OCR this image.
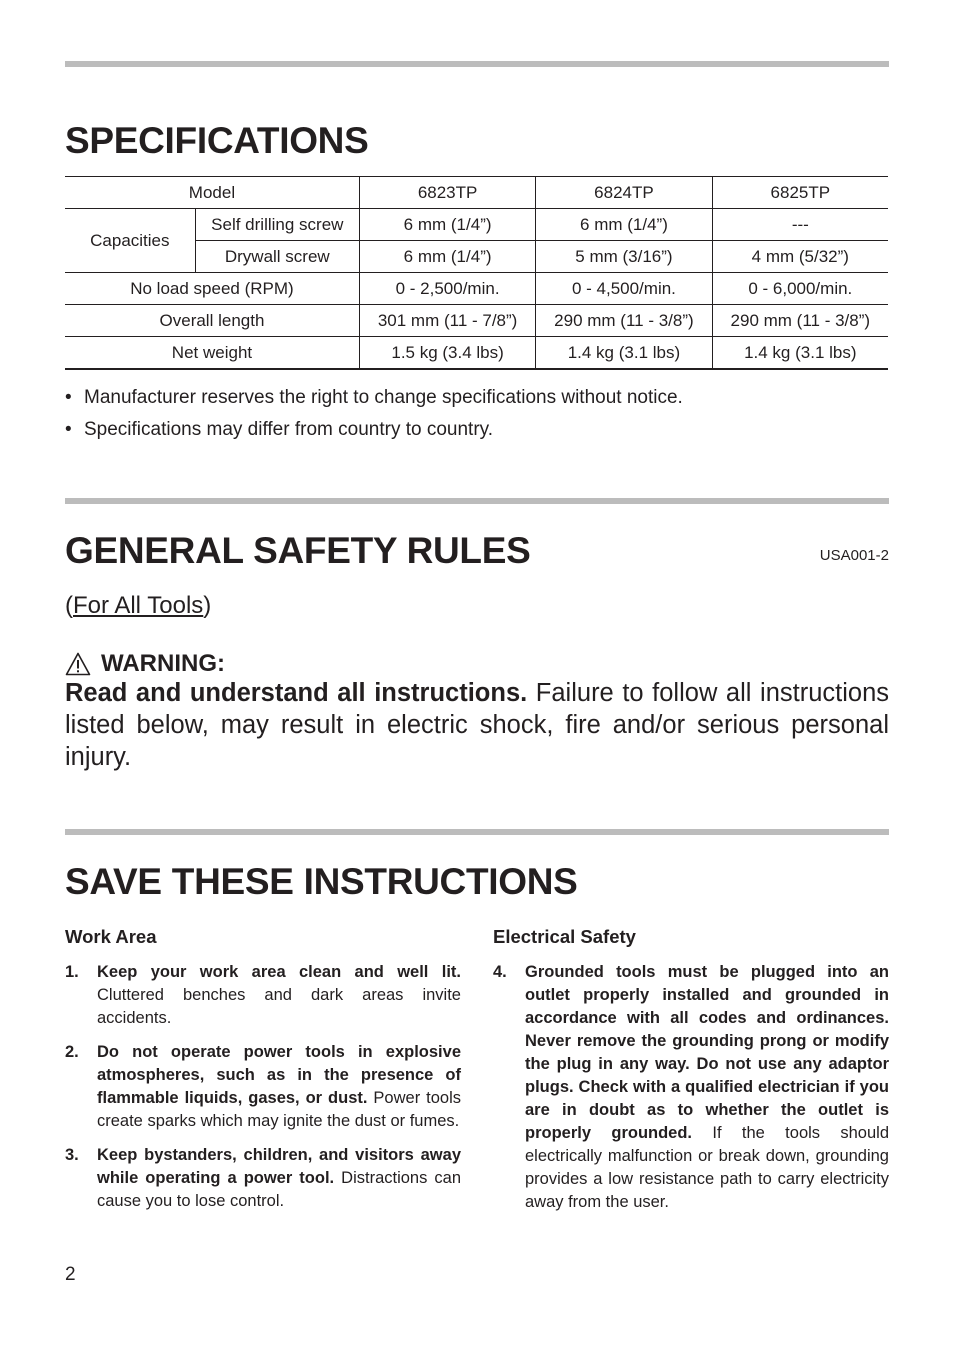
SPECIFICATIONS
Model		6823TP	6824TP	6825TP
Capacities	Self drilling screw	6 mm (1/4”)	6 mm (1/4”)	---
	Drywall screw	6 mm (1/4”)	5 mm (3/16”)	4 mm (5/32”)
No load speed (RPM)		0 - 2,500/min.	0 - 4,500/min.	0 - 6,000/min.
Overall length		301 mm (11 - 7/8”)	290 mm (11 - 3/8”)	290 mm (11 - 3/8”)
Net weight		1.5 kg (3.4 lbs)	1.4 kg (3.1 lbs)	1.4 kg (3.1 lbs)
• Manufacturer reserves the right to change specifications without notice.
• Specifications may differ from country to country.
GENERAL SAFETY RULES	USA001-2
(For All Tools)
WARNING:

Read and understand all instructions. Failure to follow all instructions listed below, may result in electric shock, fire and/or serious personal injury.

SAVE THESE INSTRUCTIONS
Work Area
1.	Keep your work area clean and well lit. Cluttered benches and dark areas invite accidents.
2.	Do not operate power tools in explosive atmospheres, such as in the presence of flammable liquids, gases, or dust. Power tools create sparks which may ignite the dust or fumes.
3.	Keep bystanders, children, and visitors away while operating a power tool. Distractions can cause you to lose control.
Electrical Safety
4.	Grounded tools must be plugged into an outlet properly installed and grounded in accordance with all codes and ordinances. Never remove the grounding prong or modify the plug in any way. Do not use any adaptor plugs. Check with a qualified electrician if you are in doubt as to whether the outlet is properly grounded. If the tools should electrically malfunction or break down, grounding provides a low resistance path to carry electricity away from the user.
2
